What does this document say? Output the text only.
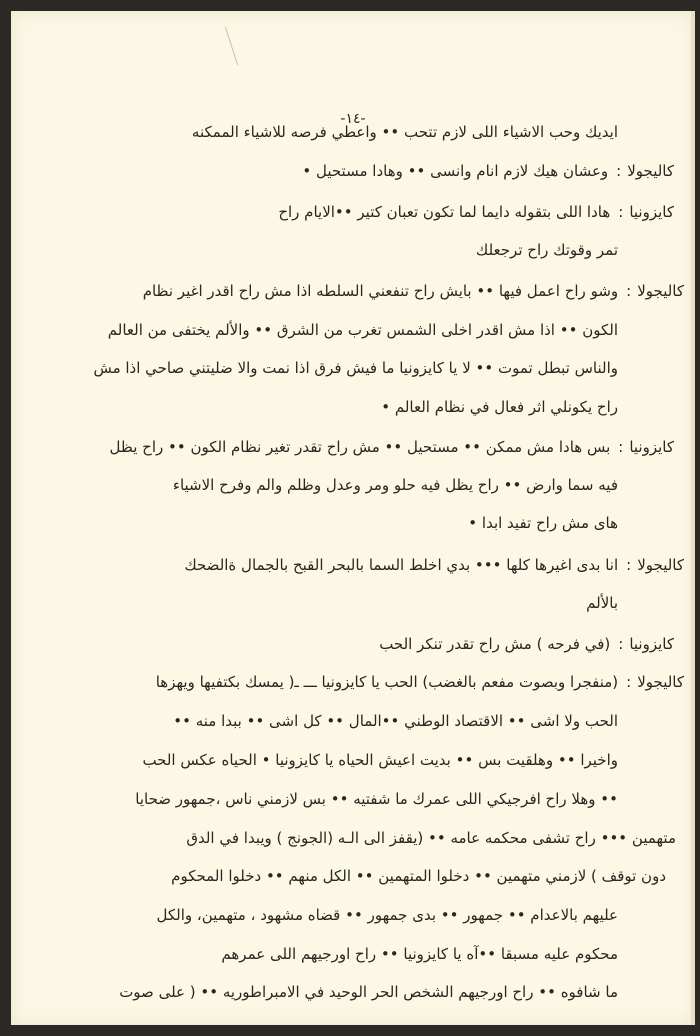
-١٤-
ايديك وحب الاشياء اللى لازم تتحب •• واعطي فرصه للاشياء الممكنه
كاليجولا:وعشان هيك لازم انام وانسى •• وهادا مستحيل •
كايزونيا:هادا اللى بتقوله دايما لما تكون تعبان كتير ••الايام راح
تمر وقوتك راح ترجعلك
كاليجولا:وشو راح اعمل فيها •• بايش راح تنفعني السلطه اذا مش راح اقدر اغير نظام
الكون •• اذا مش اقدر اخلى الشمس تغرب من الشرق •• والألم يختفى من العالم
والناس تبطل تموت •• لا يا كايزونيا ما فيش فرق اذا نمت والا ضليتني صاحي اذا مش
راح يكونلي اثر فعال في نظام العالم •
كايزونيا:بس هادا مش ممكن •• مستحيل •• مش راح تقدر تغير نظام الكون •• راح يظل
فيه سما وارض •• راح يظل فيه حلو ومر وعدل وظلم والم وفرح الاشياء
هاى مش راح تفيد ابدا •
كاليجولا:انا بدى اغيرها كلها ••• بدي اخلط السما بالبحر القبح بالجمال ةالضحك
بالألم
كايزونيا:(في فرحه ) مش راح تقدر تنكر الحب
كاليجولا:(منفجرا وبصوت مفعم بالغضب) الحب يا كايزونيا ـــ ـ( يمسك بكتفيها ويهزها
الحب ولا اشى •• الاقتصاد الوطني ••المال •• كل اشى •• ببدا منه ••
واخيرا •• وهلقيت بس •• بديت اعيش الحياه يا كايزونيا • الحياه عكس الحب
•• وهلا راح افرجيكي اللى عمرك ما شفتيه •• بس لازمني ناس ،جمهور ضحايا
متهمين ••• راح تشفى محكمه عامه •• (يقفز الى الـه (الجونج ) ويبدا في الدق
دون توقف ) لازمني متهمين •• دخلوا المتهمين •• الكل منهم •• دخلوا المحكوم
عليهم بالاعدام •• جمهور •• بدى جمهور •• قضاه مشهود ، متهمين، والكل
محكوم عليه مسبقا ••آه يا كايزونيا •• راح اورجيهم اللى عمرهم
ما شافوه •• راح اورجيهم الشخص الحر الوحيد في الامبراطوريه •• ( على صوت
